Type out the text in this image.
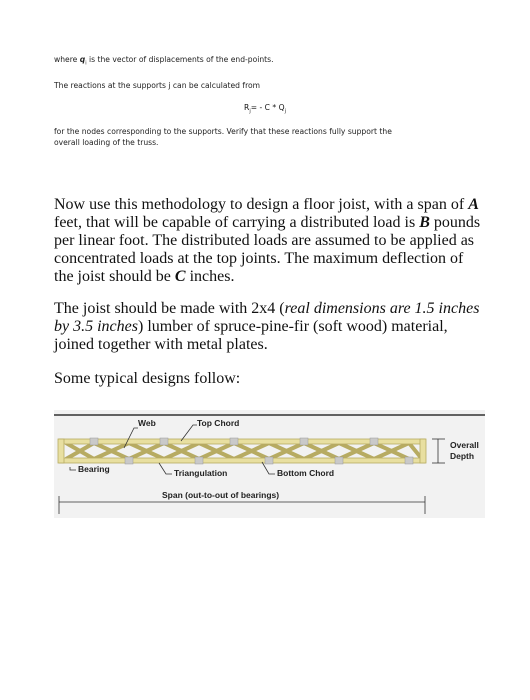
where $q_i$ is the vector of displacements of the end-points.
The reactions at the supports j can be calculated from
$R_j= - C * Q_j$
for the nodes corresponding to the supports. Verify that these reactions fully support the
overall loading of the truss.
Now use this methodology to design a floor joist, with a span of A feet, that will be capable of carrying a distributed load is B pounds per linear foot. The distributed loads are assumed to be applied as concentrated loads at the top joints. The maximum deflection of the joist should be C inches.
The joist should be made with 2x4 (real dimensions are 1.5 inches by 3.5 inches) lumber of spruce-pine-fir (soft wood) material, joined together with metal plates.
Some typical designs follow:
Web	Top Chord
Overall
Depth
Bearing	Triangulation	Bottom Chord
Span (out-to-out of bearings)
